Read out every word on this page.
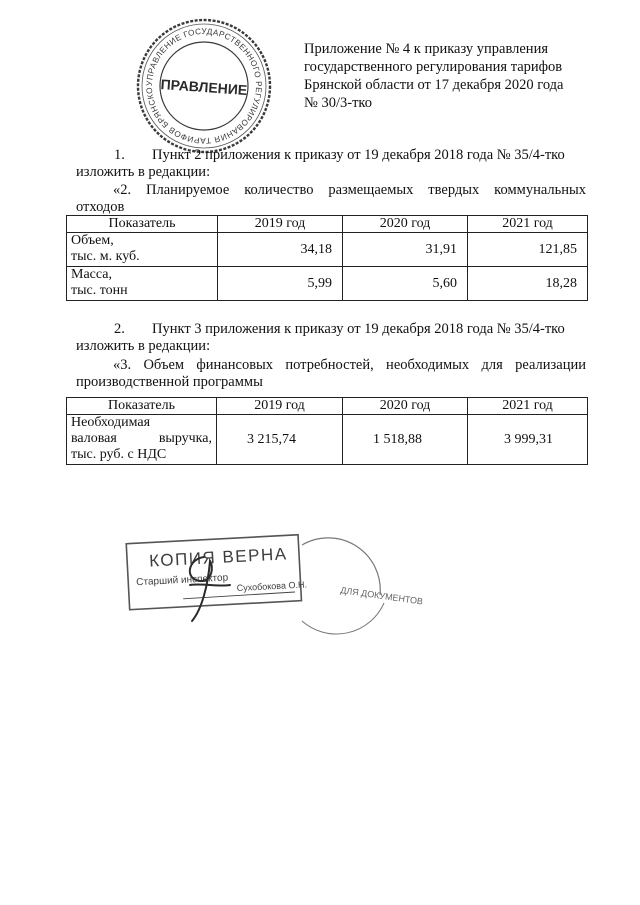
УПРАВЛЕНИЕ ГОСУДАРСТВЕННОГО РЕГУЛИРОВАНИЯ ТАРИФОВ БРЯНСКО ПРАВЛЕНИЕ
Приложение № 4 к приказу управления
государственного регулирования тарифов
Брянской области от 17 декабря 2020 года
№ 30/3-тко
1. Пункт 2 приложения к приказу от 19 декабря 2018 года № 35/4-тко
изложить в редакции:
«2. Планируемое количество размещаемых твердых коммунальных
отходов
Показатель	2019 год	2020 год	2021 год

Объем,
тыс. м. куб.	34,18	31,91	121,85

Масса,
тыс. тонн	5,99	5,60	18,28
2. Пункт 3 приложения к приказу от 19 декабря 2018 года № 35/4-тко
изложить в редакции:
«3. Объем финансовых потребностей, необходимых для реализации
производственной программы
Показатель	2019 год	2020 год	2021 год

Необходимая
валовая выручка,
тыс. руб. с НДС	3 215,74	1 518,88	3 999,31
КОПИЯ ВЕРНА
Старший инспектор Сухобокова О.Н.	ДЛЯ ДОКУМЕНТОВ
